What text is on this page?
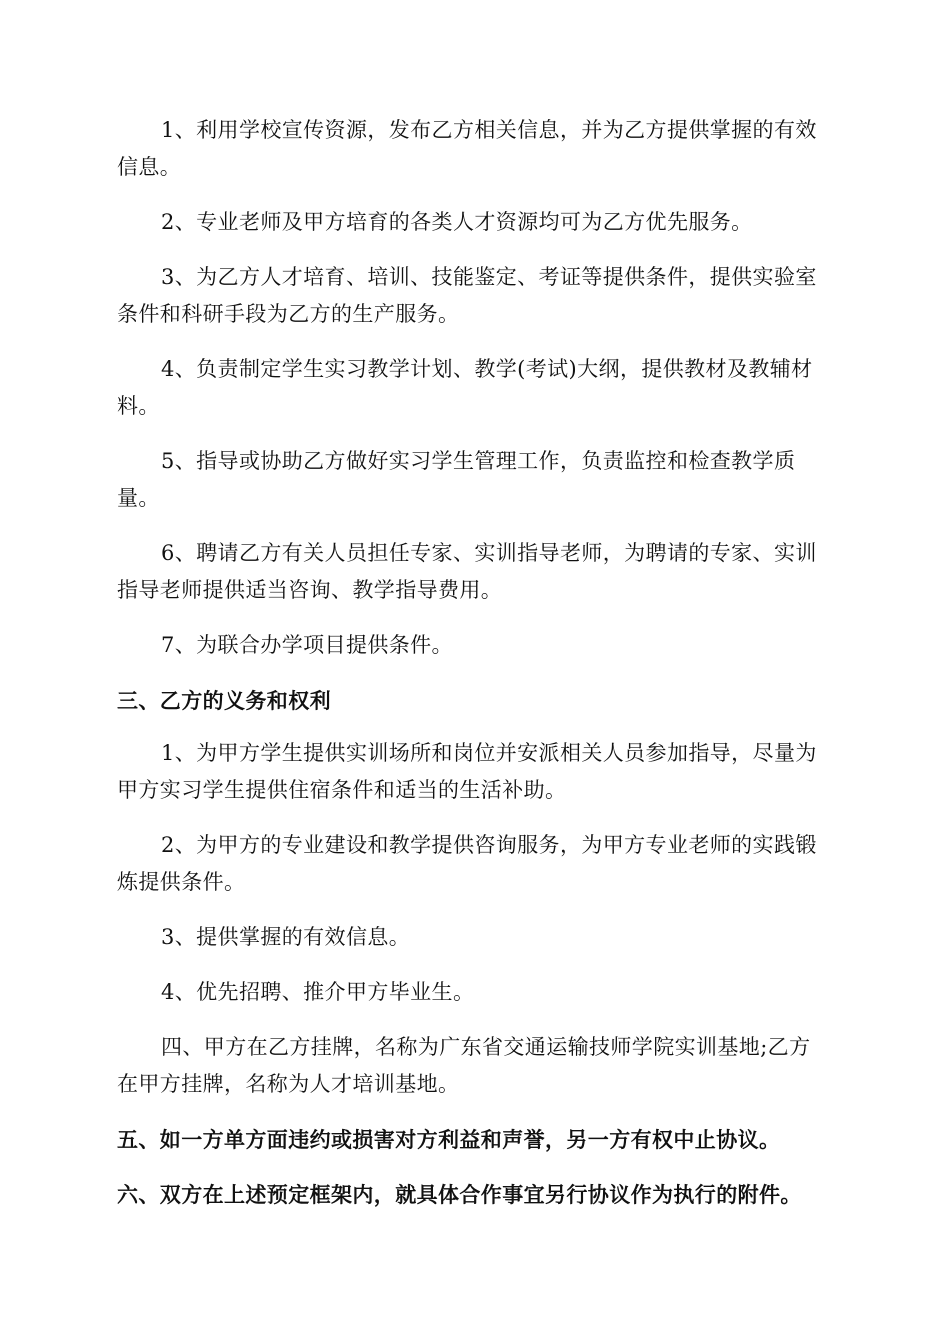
1、利用学校宣传资源，发布乙方相关信息，并为乙方提供掌握的有效信息。

2、专业老师及甲方培育的各类人才资源均可为乙方优先服务。

3、为乙方人才培育、培训、技能鉴定、考证等提供条件，提供实验室条件和科研手段为乙方的生产服务。

4、负责制定学生实习教学计划、教学(考试)大纲，提供教材及教辅材料。

5、指导或协助乙方做好实习学生管理工作，负责监控和检查教学质量。

6、聘请乙方有关人员担任专家、实训指导老师，为聘请的专家、实训指导老师提供适当咨询、教学指导费用。

7、为联合办学项目提供条件。

三、乙方的义务和权利

1、为甲方学生提供实训场所和岗位并安派相关人员参加指导，尽量为甲方实习学生提供住宿条件和适当的生活补助。

2、为甲方的专业建设和教学提供咨询服务，为甲方专业老师的实践锻炼提供条件。

3、提供掌握的有效信息。

4、优先招聘、推介甲方毕业生。

四、甲方在乙方挂牌，名称为广东省交通运输技师学院实训基地;乙方在甲方挂牌，名称为人才培训基地。

五、如一方单方面违约或损害对方利益和声誉，另一方有权中止协议。

六、双方在上述预定框架内，就具体合作事宜另行协议作为执行的附件。
